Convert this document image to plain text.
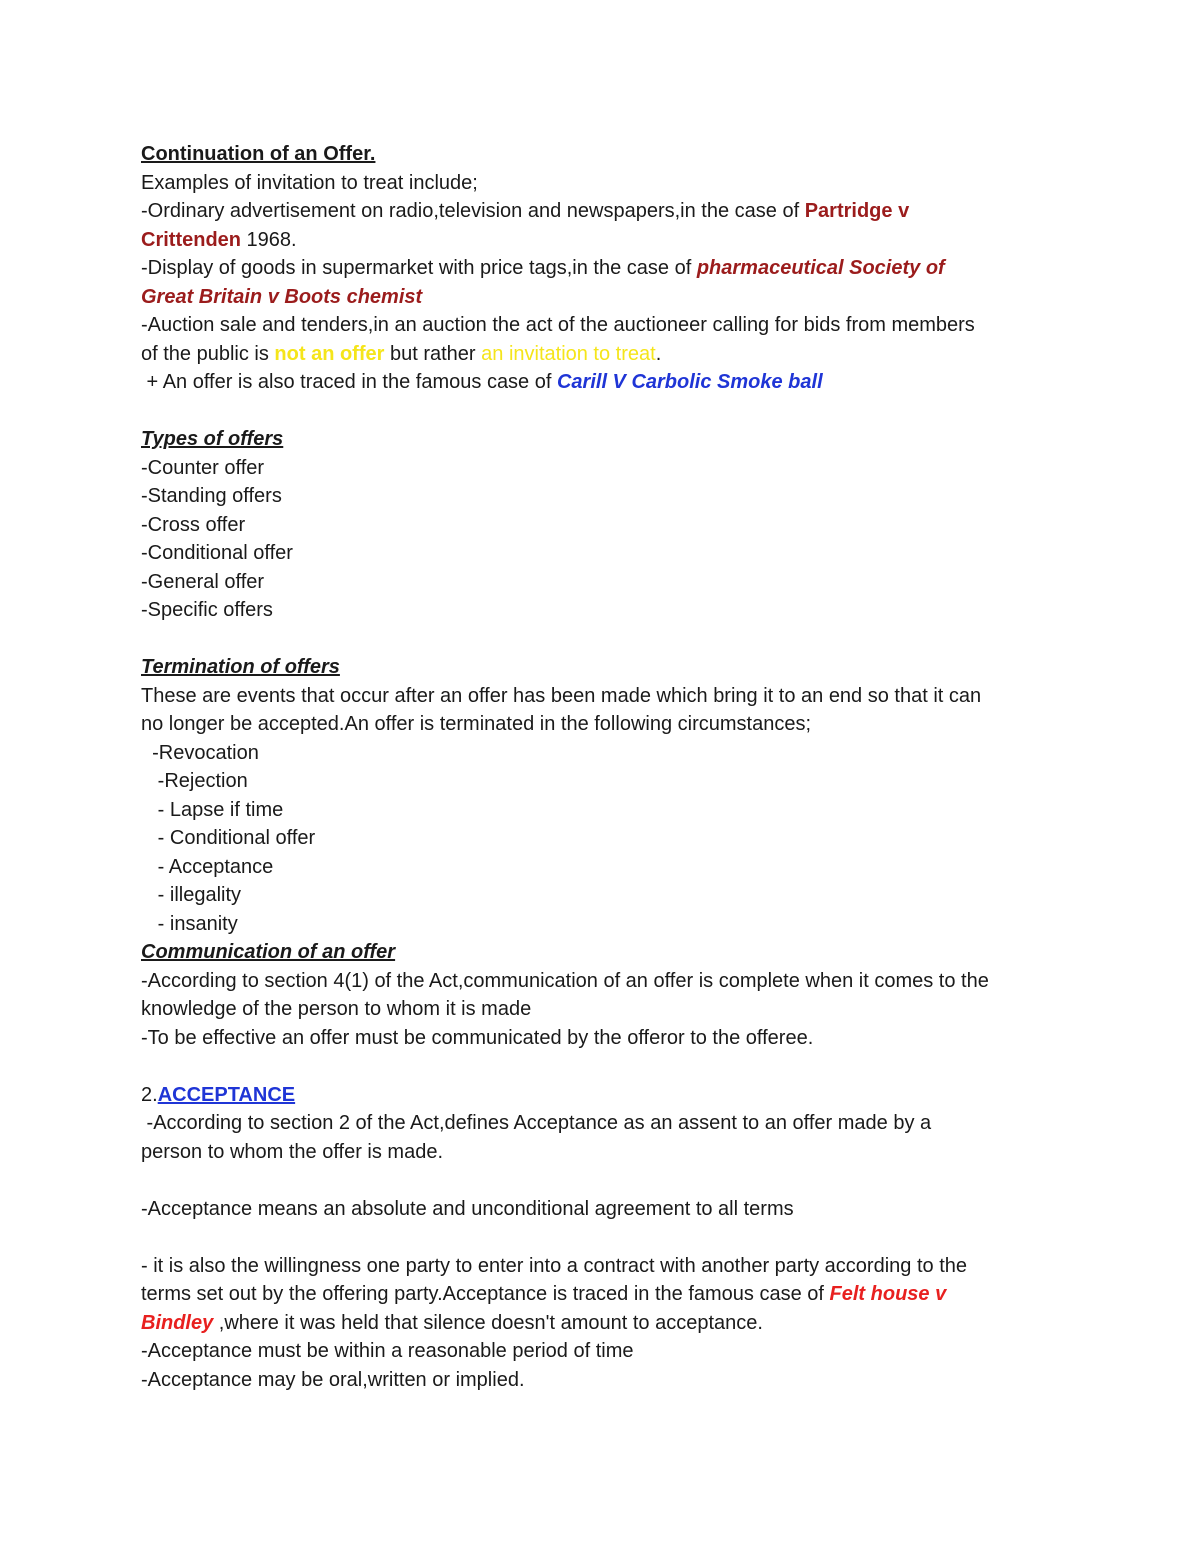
Continuation of an Offer.
Examples of invitation to treat include;
-Ordinary advertisement on radio,television and newspapers,in the case of Partridge v
Crittenden 1968.
-Display of goods in supermarket with price tags,in the case of pharmaceutical Society of
Great Britain v Boots chemist
-Auction sale and tenders,in an auction the act of the auctioneer calling for bids from members
of the public is not an offer but rather an invitation to treat.
+ An offer is also traced in the famous case of Carill V Carbolic Smoke ball
Types of offers
-Counter offer
-Standing offers
-Cross offer
-Conditional offer
-General offer
-Specific offers
Termination of offers
These are events that occur after an offer has been made which bring it to an end so that it can
no longer be accepted.An offer is terminated in the following circumstances;
-Revocation
-Rejection
- Lapse if time
- Conditional offer
- Acceptance
- illegality
- insanity
Communication of an offer
-According to section 4(1) of the Act,communication of an offer is complete when it comes to the
knowledge of the person to whom it is made
-To be effective an offer must be communicated by the offeror to the offeree.
2.ACCEPTANCE
-According to section 2 of the Act,defines Acceptance as an assent to an offer made by a
person to whom the offer is made.
-Acceptance means an absolute and unconditional agreement to all terms
- it is also the willingness one party to enter into a contract with another party according to the
terms set out by the offering party.Acceptance is traced in the famous case of Felt house v
Bindley ,where it was held that silence doesn't amount to acceptance.
-Acceptance must be within a reasonable period of time
-Acceptance may be oral,written or implied.
